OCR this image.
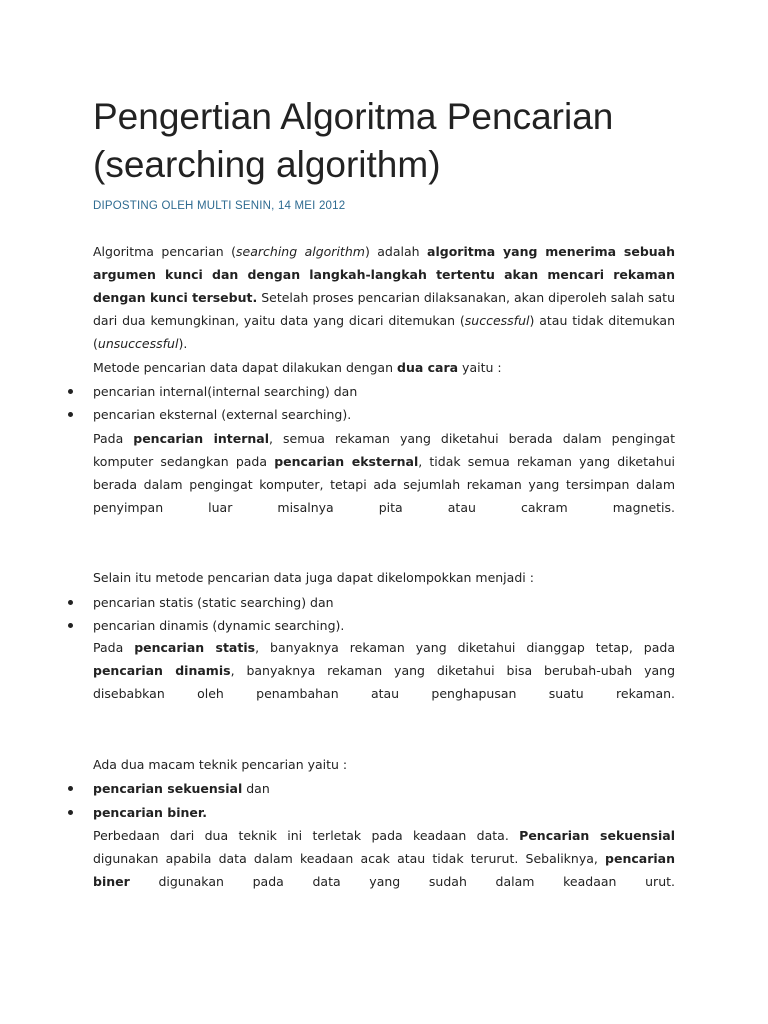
Pengertian Algoritma Pencarian
(searching algorithm)
DIPOSTING OLEH MULTI SENIN, 14 MEI 2012
Algoritma pencarian (searching algorithm) adalah algoritma yang menerima sebuah argumen kunci dan dengan langkah-langkah tertentu akan mencari rekaman dengan kunci tersebut. Setelah proses pencarian dilaksanakan, akan diperoleh salah satu dari dua kemungkinan, yaitu data yang dicari ditemukan (successful) atau tidak ditemukan (unsuccessful).
Metode pencarian data dapat dilakukan dengan dua cara yaitu :
pencarian internal(internal searching) dan
pencarian eksternal (external searching).
Pada pencarian internal, semua rekaman yang diketahui berada dalam pengingat komputer sedangkan pada pencarian eksternal, tidak semua rekaman yang diketahui berada dalam pengingat komputer, tetapi ada sejumlah rekaman yang tersimpan dalam penyimpan luar misalnya pita atau cakram magnetis.
Selain itu metode pencarian data juga dapat dikelompokkan menjadi :
pencarian statis (static searching) dan
pencarian dinamis (dynamic searching).
Pada pencarian statis, banyaknya rekaman yang diketahui dianggap tetap, pada pencarian dinamis, banyaknya rekaman yang diketahui bisa berubah-ubah yang disebabkan oleh penambahan atau penghapusan suatu rekaman.
Ada dua macam teknik pencarian yaitu :
pencarian sekuensial dan
pencarian biner.
Perbedaan dari dua teknik ini terletak pada keadaan data. Pencarian sekuensial digunakan apabila data dalam keadaan acak atau tidak terurut. Sebaliknya, pencarian biner digunakan pada data yang sudah dalam keadaan urut.
